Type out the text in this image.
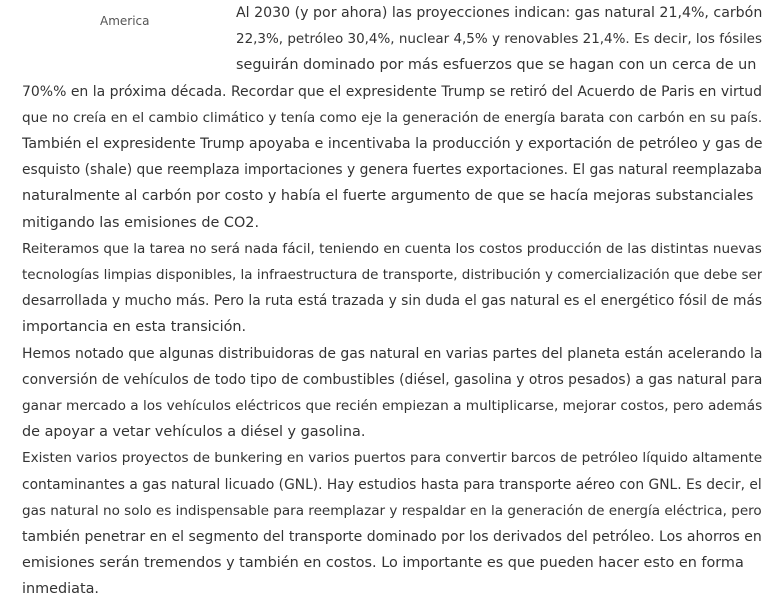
America	Al 2030 (y por ahora) las proyecciones indican: gas natural 21,4%, carbón
22,3%, petróleo 30,4%, nuclear 4,5% y renovables 21,4%. Es decir, los fósiles
seguirán dominado por más esfuerzos que se hagan con un cerca de un
70%% en la próxima década. Recordar que el expresidente Trump se retiró del Acuerdo de Paris en virtud
que no creía en el cambio climático y tenía como eje la generación de energía barata con carbón en su país.
También el expresidente Trump apoyaba e incentivaba la producción y exportación de petróleo y gas de
esquisto (shale) que reemplaza importaciones y genera fuertes exportaciones. El gas natural reemplazaba
naturalmente al carbón por costo y había el fuerte argumento de que se hacía mejoras substanciales
mitigando las emisiones de CO2.
Reiteramos que la tarea no será nada fácil, teniendo en cuenta los costos producción de las distintas nuevas
tecnologías limpias disponibles, la infraestructura de transporte, distribución y comercialización que debe ser
desarrollada y mucho más. Pero la ruta está trazada y sin duda el gas natural es el energético fósil de más
importancia en esta transición.
Hemos notado que algunas distribuidoras de gas natural en varias partes del planeta están acelerando la
conversión de vehículos de todo tipo de combustibles (diésel, gasolina y otros pesados) a gas natural para
ganar mercado a los vehículos eléctricos que recién empiezan a multiplicarse, mejorar costos, pero además
de apoyar a vetar vehículos a diésel y gasolina.
Existen varios proyectos de bunkering en varios puertos para convertir barcos de petróleo líquido altamente
contaminantes a gas natural licuado (GNL). Hay estudios hasta para transporte aéreo con GNL. Es decir, el
gas natural no solo es indispensable para reemplazar y respaldar en la generación de energía eléctrica, pero
también penetrar en el segmento del transporte dominado por los derivados del petróleo. Los ahorros en
emisiones serán tremendos y también en costos. Lo importante es que pueden hacer esto en forma
inmediata.
